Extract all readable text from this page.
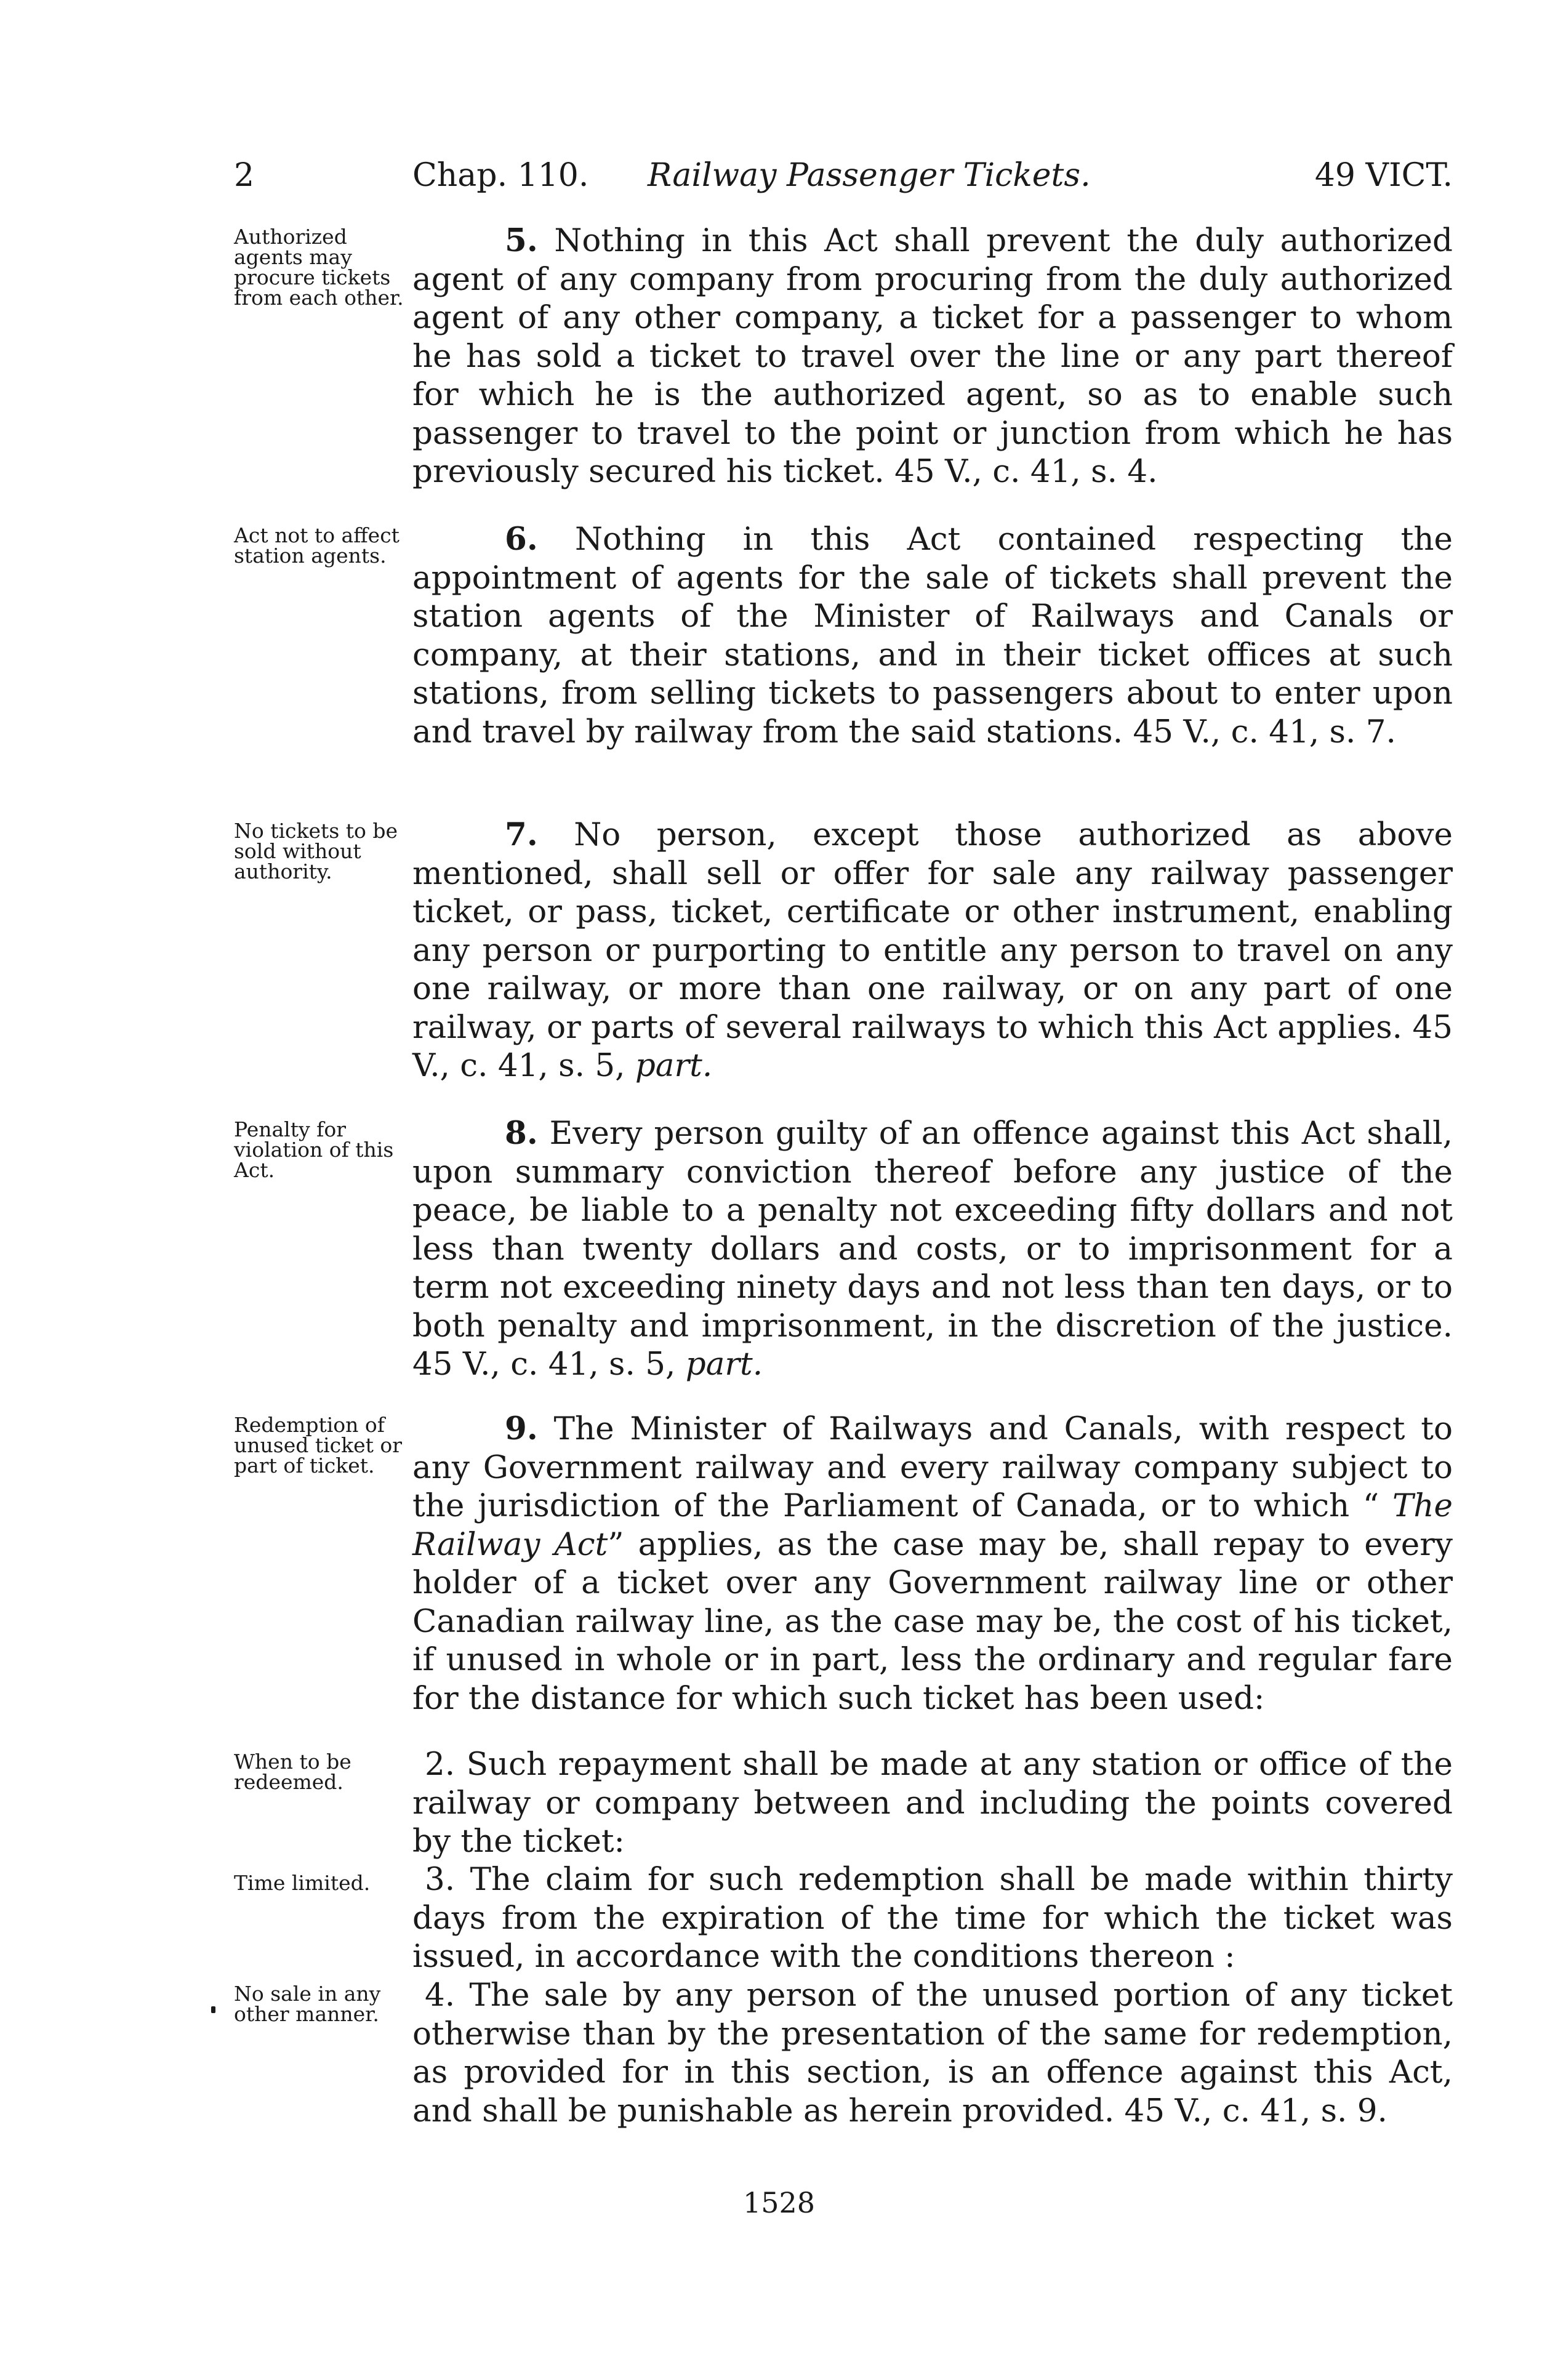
2	Chap. 110. Railway Passenger Tickets.	49 VICT.
Authorized agents may procure tickets from each other.
5. Nothing in this Act shall prevent the duly authorized agent of any company from procuring from the duly authorized agent of any other company, a ticket for a passenger to whom he has sold a ticket to travel over the line or any part thereof for which he is the authorized agent, so as to enable such passenger to travel to the point or junction from which he has previously secured his ticket. 45 V., c. 41, s. 4.
Act not to affect station agents.	6. Nothing in this Act contained respecting the appointment of agents for the sale of tickets shall prevent the station agents of the Minister of Railways and Canals or company, at their stations, and in their ticket offices at such stations, from selling tickets to passengers about to enter upon and travel by railway from the said stations. 45 V., c. 41, s. 7.
No tickets to be sold without authority.
7. No person, except those authorized as above mentioned, shall sell or offer for sale any railway passenger ticket, or pass, ticket, certificate or other instrument, enabling any person or purporting to entitle any person to travel on any one railway, or more than one railway, or on any part of one railway, or parts of several railways to which this Act applies. 45 V., c. 41, s. 5, part.
Penalty for violation of this Act.
8. Every person guilty of an offence against this Act shall, upon summary conviction thereof before any justice of the peace, be liable to a penalty not exceeding fifty dollars and not less than twenty dollars and costs, or to imprisonment for a term not exceeding ninety days and not less than ten days, or to both penalty and imprisonment, in the discretion of the justice. 45 V., c. 41, s. 5, part.
Redemption of unused ticket or part of ticket.
9. The Minister of Railways and Canals, with respect to any Government railway and every railway company subject to the jurisdiction of the Parliament of Canada, or to which “ The Railway Act” applies, as the case may be, shall repay to every holder of a ticket over any Government railway line or other Canadian railway line, as the case may be, the cost of his ticket, if unused in whole or in part, less the ordinary and regular fare for the distance for which such ticket has been used:
When to be redeemed.	2. Such repayment shall be made at any station or office of the railway or company between and including the points covered by the ticket:
Time limited.	3. The claim for such redemption shall be made within thirty days from the expiration of the time for which the ticket was issued, in accordance with the conditions thereon :
No sale in any other manner.
4. The sale by any person of the unused portion of any ticket otherwise than by the presentation of the same for redemption, as provided for in this section, is an offence against this Act, and shall be punishable as herein provided. 45 V., c. 41, s. 9.
1528
